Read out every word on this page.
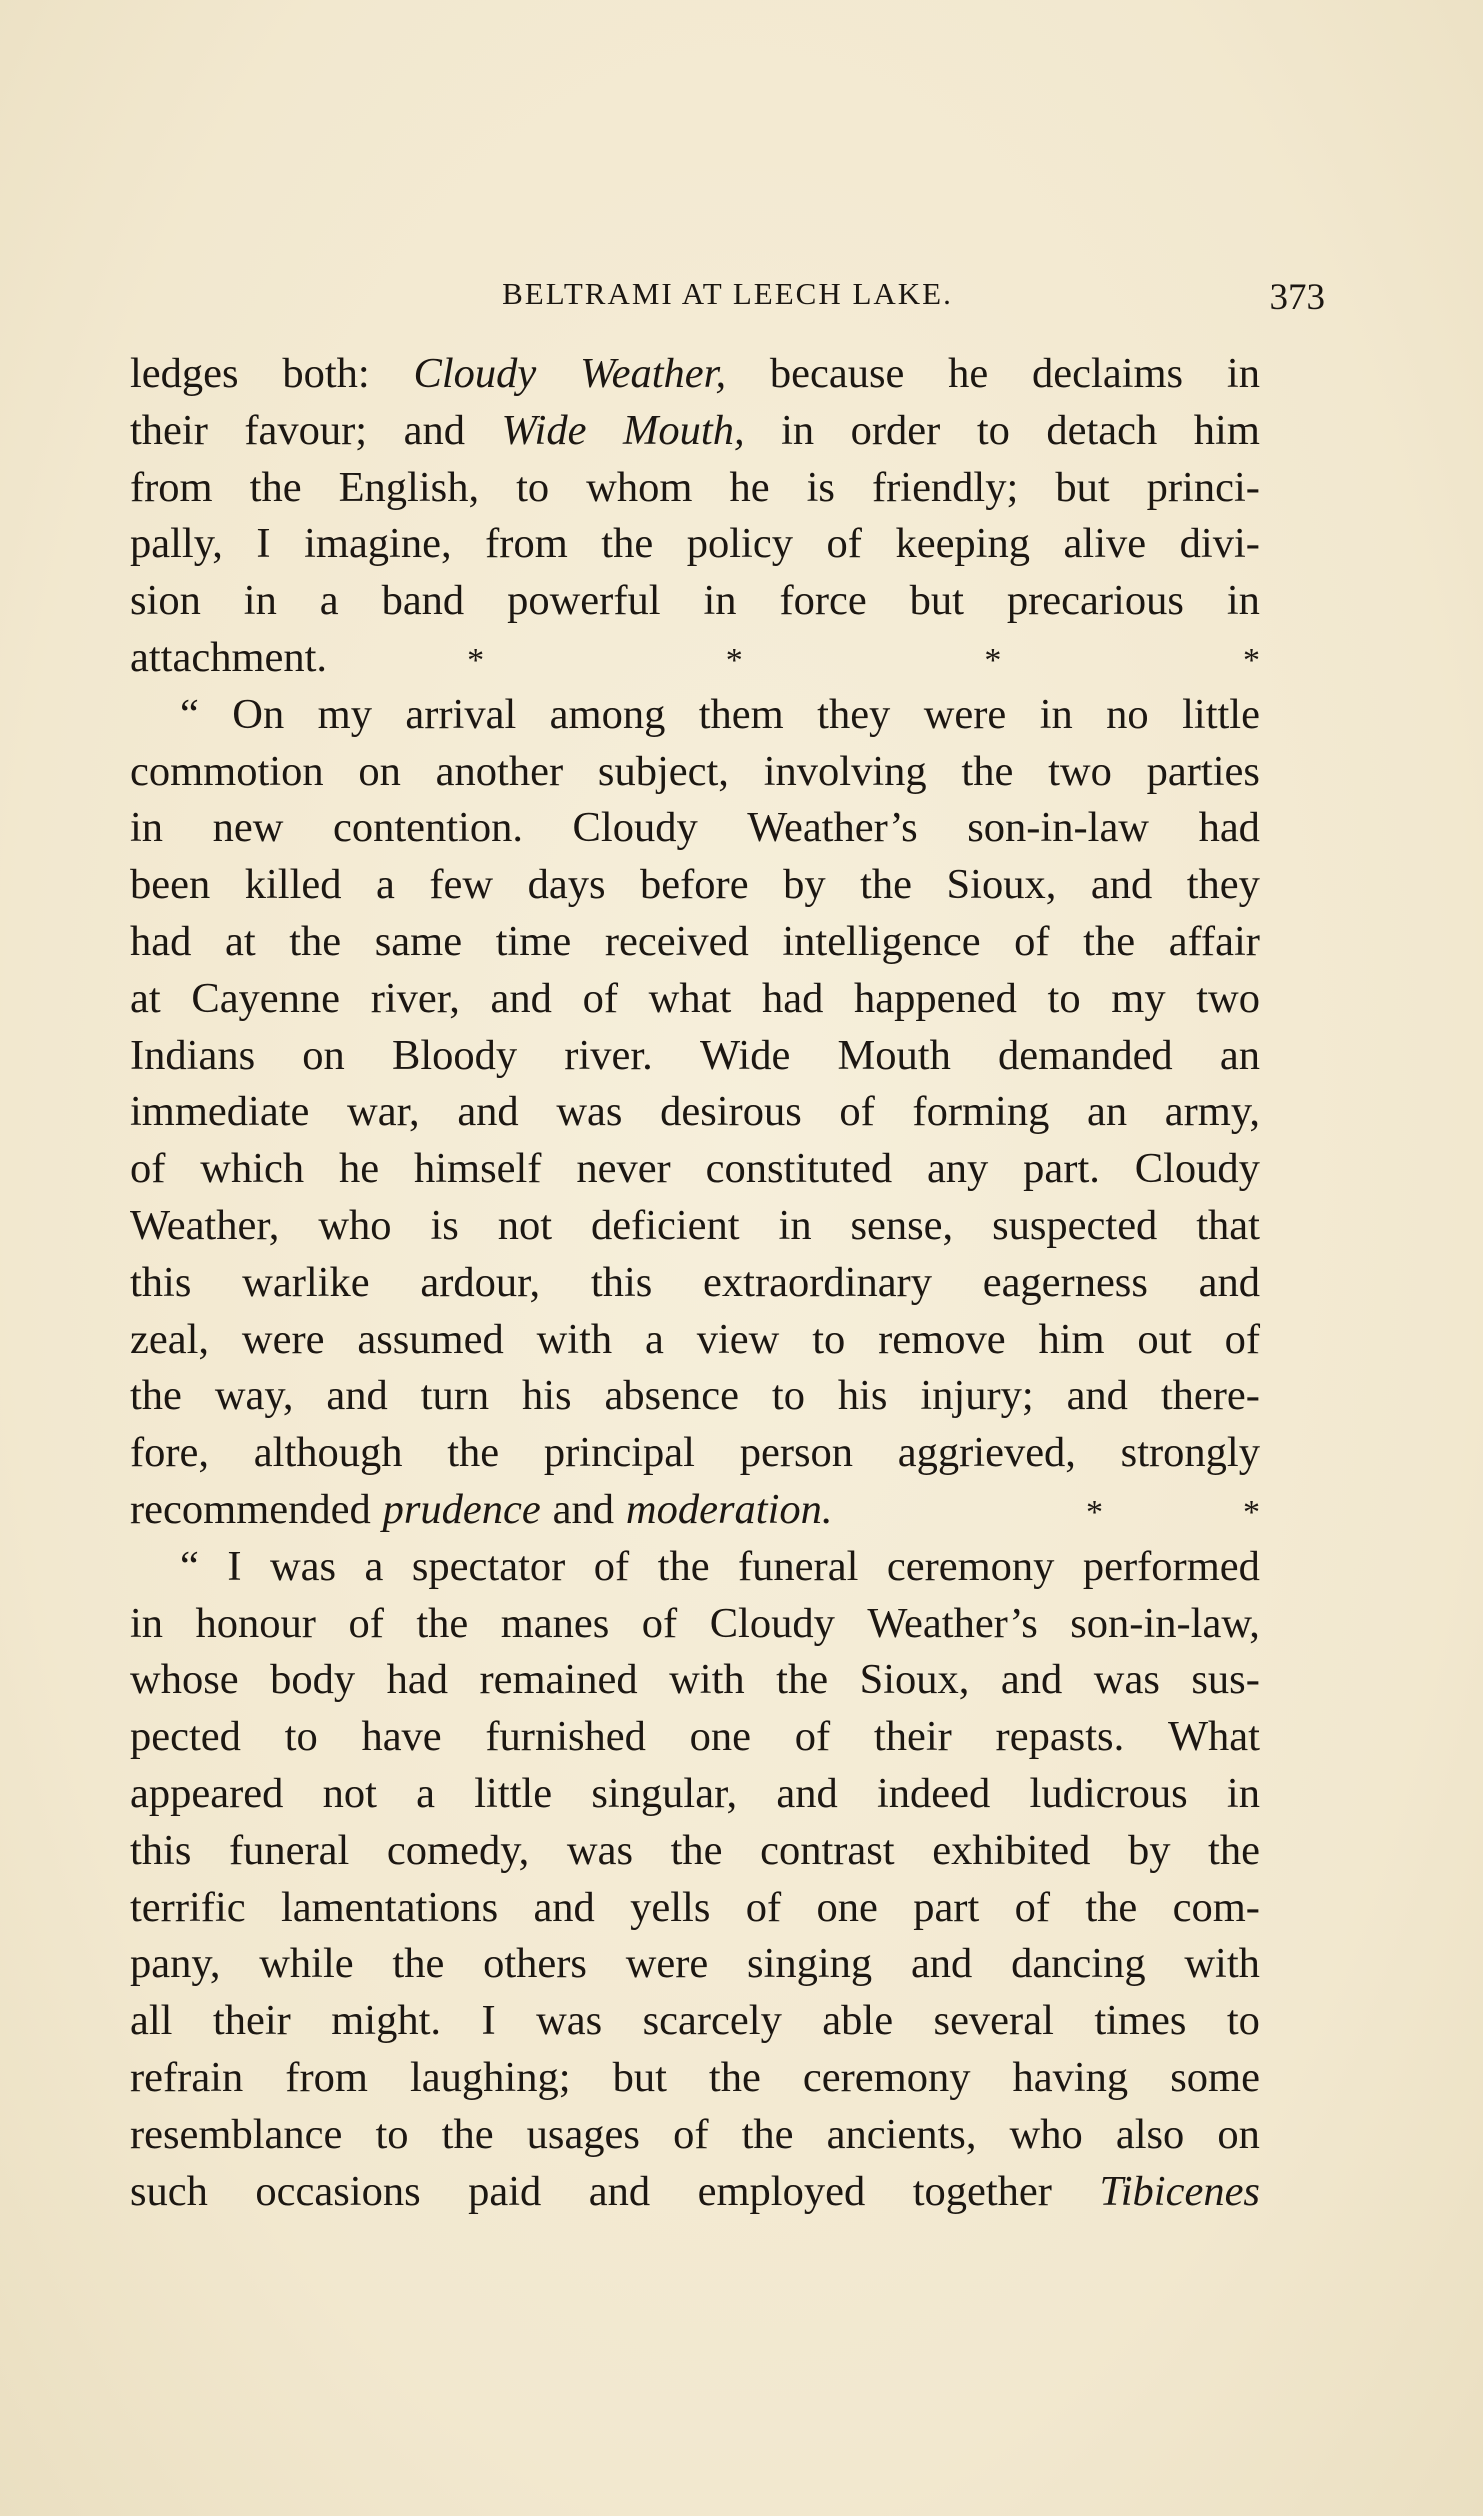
BELTRAMI AT LEECH LAKE.	373
ledges both: Cloudy Weather, because he declaims in
their favour; and Wide Mouth, in order to detach him
from the English, to whom he is friendly; but princi-
pally, I imagine, from the policy of keeping alive divi-
sion in a band powerful in force but precarious in
attachment.	*	*	*	*
“ On my arrival among them they were in no little
commotion on another subject, involving the two parties
in new contention. Cloudy Weather’s son-in-law had
been killed a few days before by the Sioux, and they
had at the same time received intelligence of the affair
at Cayenne river, and of what had happened to my two
Indians on Bloody river. Wide Mouth demanded an
immediate war, and was desirous of forming an army,
of which he himself never constituted any part. Cloudy
Weather, who is not deficient in sense, suspected that
this warlike ardour, this extraordinary eagerness and
zeal, were assumed with a view to remove him out of
the way, and turn his absence to his injury; and there-
fore, although the principal person aggrieved, strongly
recommended prudence and moderation.	*	*
“ I was a spectator of the funeral ceremony performed
in honour of the manes of Cloudy Weather’s son-in-law,
whose body had remained with the Sioux, and was sus-
pected to have furnished one of their repasts. What
appeared not a little singular, and indeed ludicrous in
this funeral comedy, was the contrast exhibited by the
terrific lamentations and yells of one part of the com-
pany, while the others were singing and dancing with
all their might. I was scarcely able several times to
refrain from laughing; but the ceremony having some
resemblance to the usages of the ancients, who also on
such occasions paid and employed together Tibicenes
